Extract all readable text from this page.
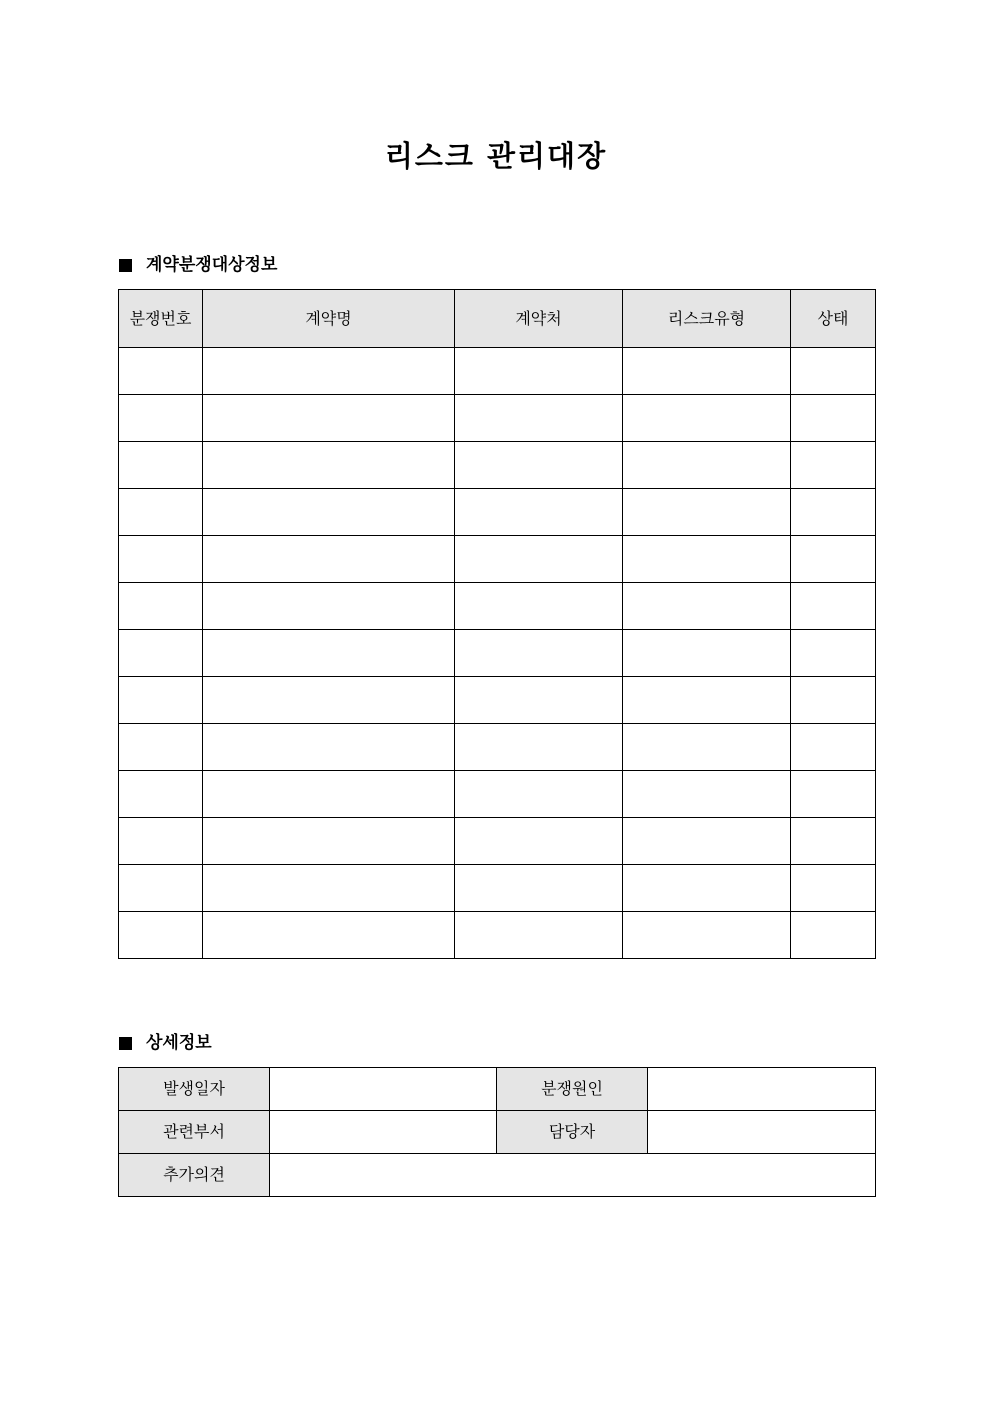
리스크 관리대장
계약분쟁대상정보
분쟁번호	계약명	계약처	리스크유형	상태

상세정보
발생일자		분쟁원인	
관련부서		담당자	
추가의견			
